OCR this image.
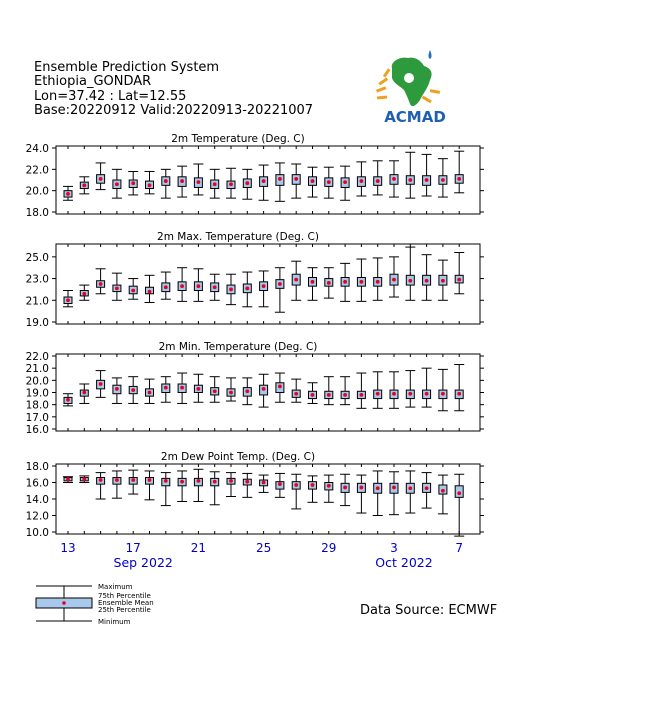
Ensemble Prediction System
Ethiopia_GONDAR
Lon=37.42 : Lat=12.55
Base:20220912 Valid:20220913-20221007	ACMAD
2m Temperature (Deg. C)
18.0
20.0
22.0
24.0
2m Max. Temperature (Deg. C)
19.0
21.0
23.0
25.0
2m Min. Temperature (Deg. C)
16.0
17.0
18.0
19.0
20.0
21.0
22.0
2m Dew Point Temp. (Deg. C)
10.0
12.0
14.0
16.0
18.0
13	17	21	25	29	3	7
Sep 2022	Oct 2022
Maximum
75th Percentile
Ensemble Mean
25th Percentile
Minimum
Data Source: ECMWF
